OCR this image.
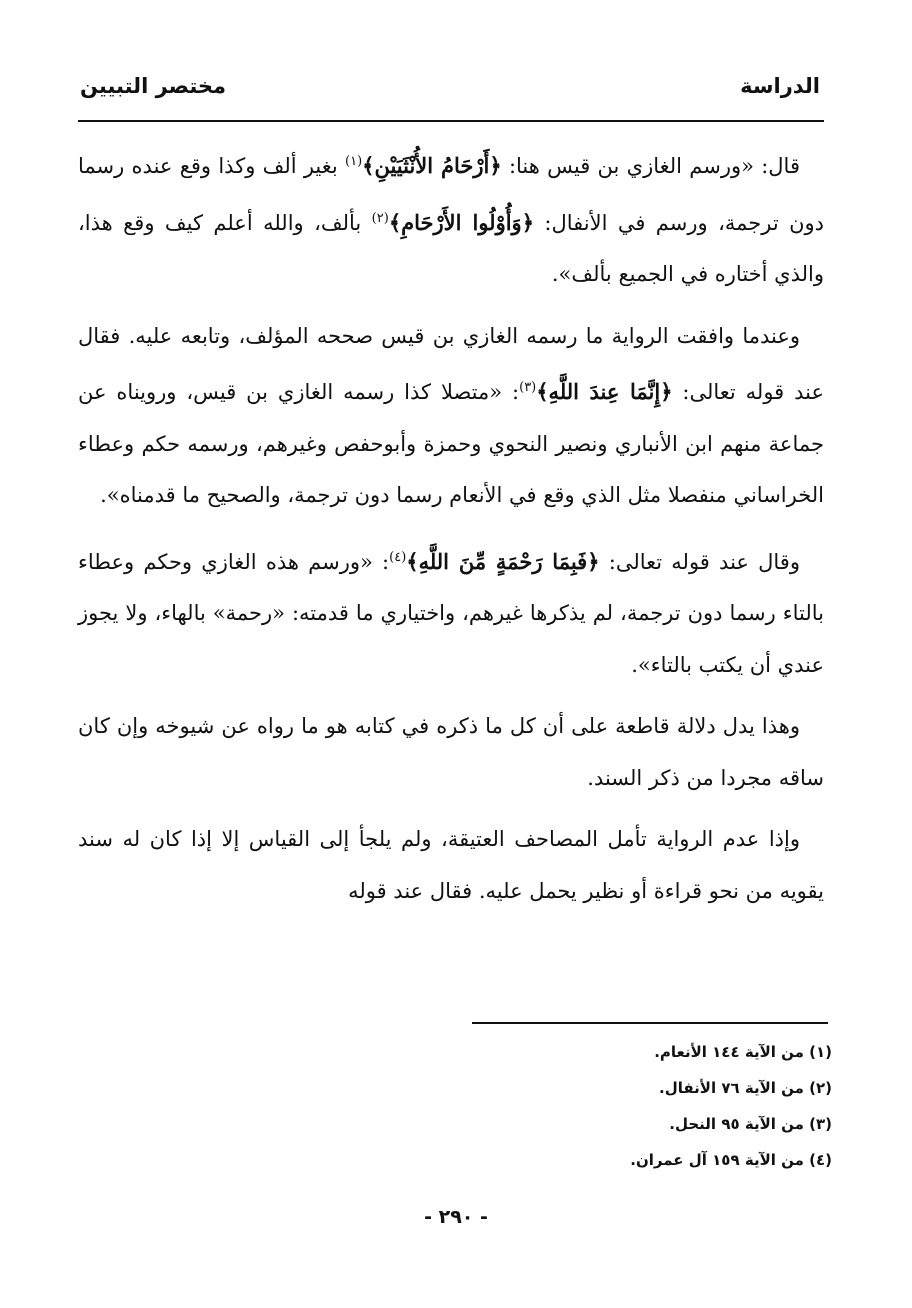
الدراسة
مختصر التبيين

قال: «ورسم الغازي بن قيس هنا: ﴿أَرْحَامُ الأُنْثَيَيْنِ﴾$^{(١)}$ بغير ألف وكذا وقع عنده رسما دون ترجمة، ورسم في الأنفال: ﴿وَأُوْلُوا الأَرْحَامِ﴾$^{(٢)}$ بألف، والله أعلم كيف وقع هذا، والذي أختاره في الجميع بألف».

وعندما وافقت الرواية ما رسمه الغازي بن قيس صححه المؤلف، وتابعه عليه. فقال عند قوله تعالى: ﴿إِنَّمَا عِندَ اللَّهِ﴾$^{(٣)}$: «متصلا كذا رسمه الغازي بن قيس، ورويناه عن جماعة منهم ابن الأنباري ونصير النحوي وحمزة وأبوحفص وغيرهم، ورسمه حكم وعطاء الخراساني منفصلا مثل الذي وقع في الأنعام رسما دون ترجمة، والصحيح ما قدمناه».

وقال عند قوله تعالى: ﴿فَبِمَا رَحْمَةٍ مِّنَ اللَّهِ﴾$^{(٤)}$: «ورسم هذه الغازي وحكم وعطاء بالتاء رسما دون ترجمة، لم يذكرها غيرهم، واختياري ما قدمته: «رحمة» بالهاء، ولا يجوز عندي أن يكتب بالتاء».

وهذا يدل دلالة قاطعة على أن كل ما ذكره في كتابه هو ما رواه عن شيوخه وإن كان ساقه مجردا من ذكر السند.

وإذا عدم الرواية تأمل المصاحف العتيقة، ولم يلجأ إلى القياس إلا إذا كان له سند يقويه من نحو قراءة أو نظير يحمل عليه. فقال عند قوله

(١) من الآية ١٤٤ الأنعام.
(٢) من الآية ٧٦ الأنفال.
(٣) من الآية ٩٥ النحل.
(٤) من الآية ١٥٩ آل عمران.
- ٢٩٠ -
